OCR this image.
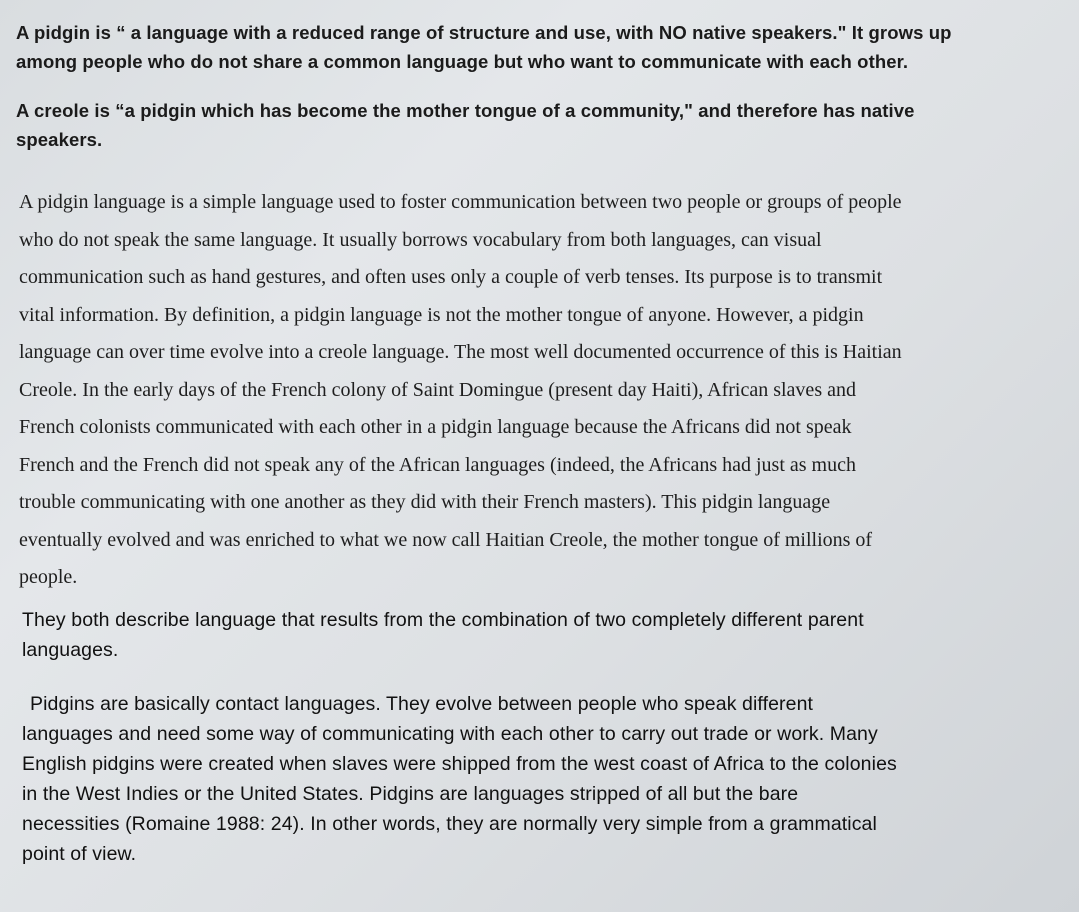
A pidgin is “ a language with a reduced range of structure and use, with NO native speakers." It grows up
among people who do not share a common language but who want to communicate with each other.

A creole is “a pidgin which has become the mother tongue of a community," and therefore has native
speakers.

A pidgin language is a simple language used to foster communication between two people or groups of people
who do not speak the same language. It usually borrows vocabulary from both languages, can visual
communication such as hand gestures, and often uses only a couple of verb tenses. Its purpose is to transmit
vital information. By definition, a pidgin language is not the mother tongue of anyone. However, a pidgin
language can over time evolve into a creole language. The most well documented occurrence of this is Haitian
Creole. In the early days of the French colony of Saint Domingue (present day Haiti), African slaves and
French colonists communicated with each other in a pidgin language because the Africans did not speak
French and the French did not speak any of the African languages (indeed, the Africans had just as much
trouble communicating with one another as they did with their French masters). This pidgin language
eventually evolved and was enriched to what we now call Haitian Creole, the mother tongue of millions of
people.

They both describe language that results from the combination of two completely different parent
languages.

Pidgins are basically contact languages. They evolve between people who speak different
languages and need some way of communicating with each other to carry out trade or work. Many
English pidgins were created when slaves were shipped from the west coast of Africa to the colonies
in the West Indies or the United States. Pidgins are languages stripped of all but the bare
necessities (Romaine 1988: 24). In other words, they are normally very simple from a grammatical
point of view.
